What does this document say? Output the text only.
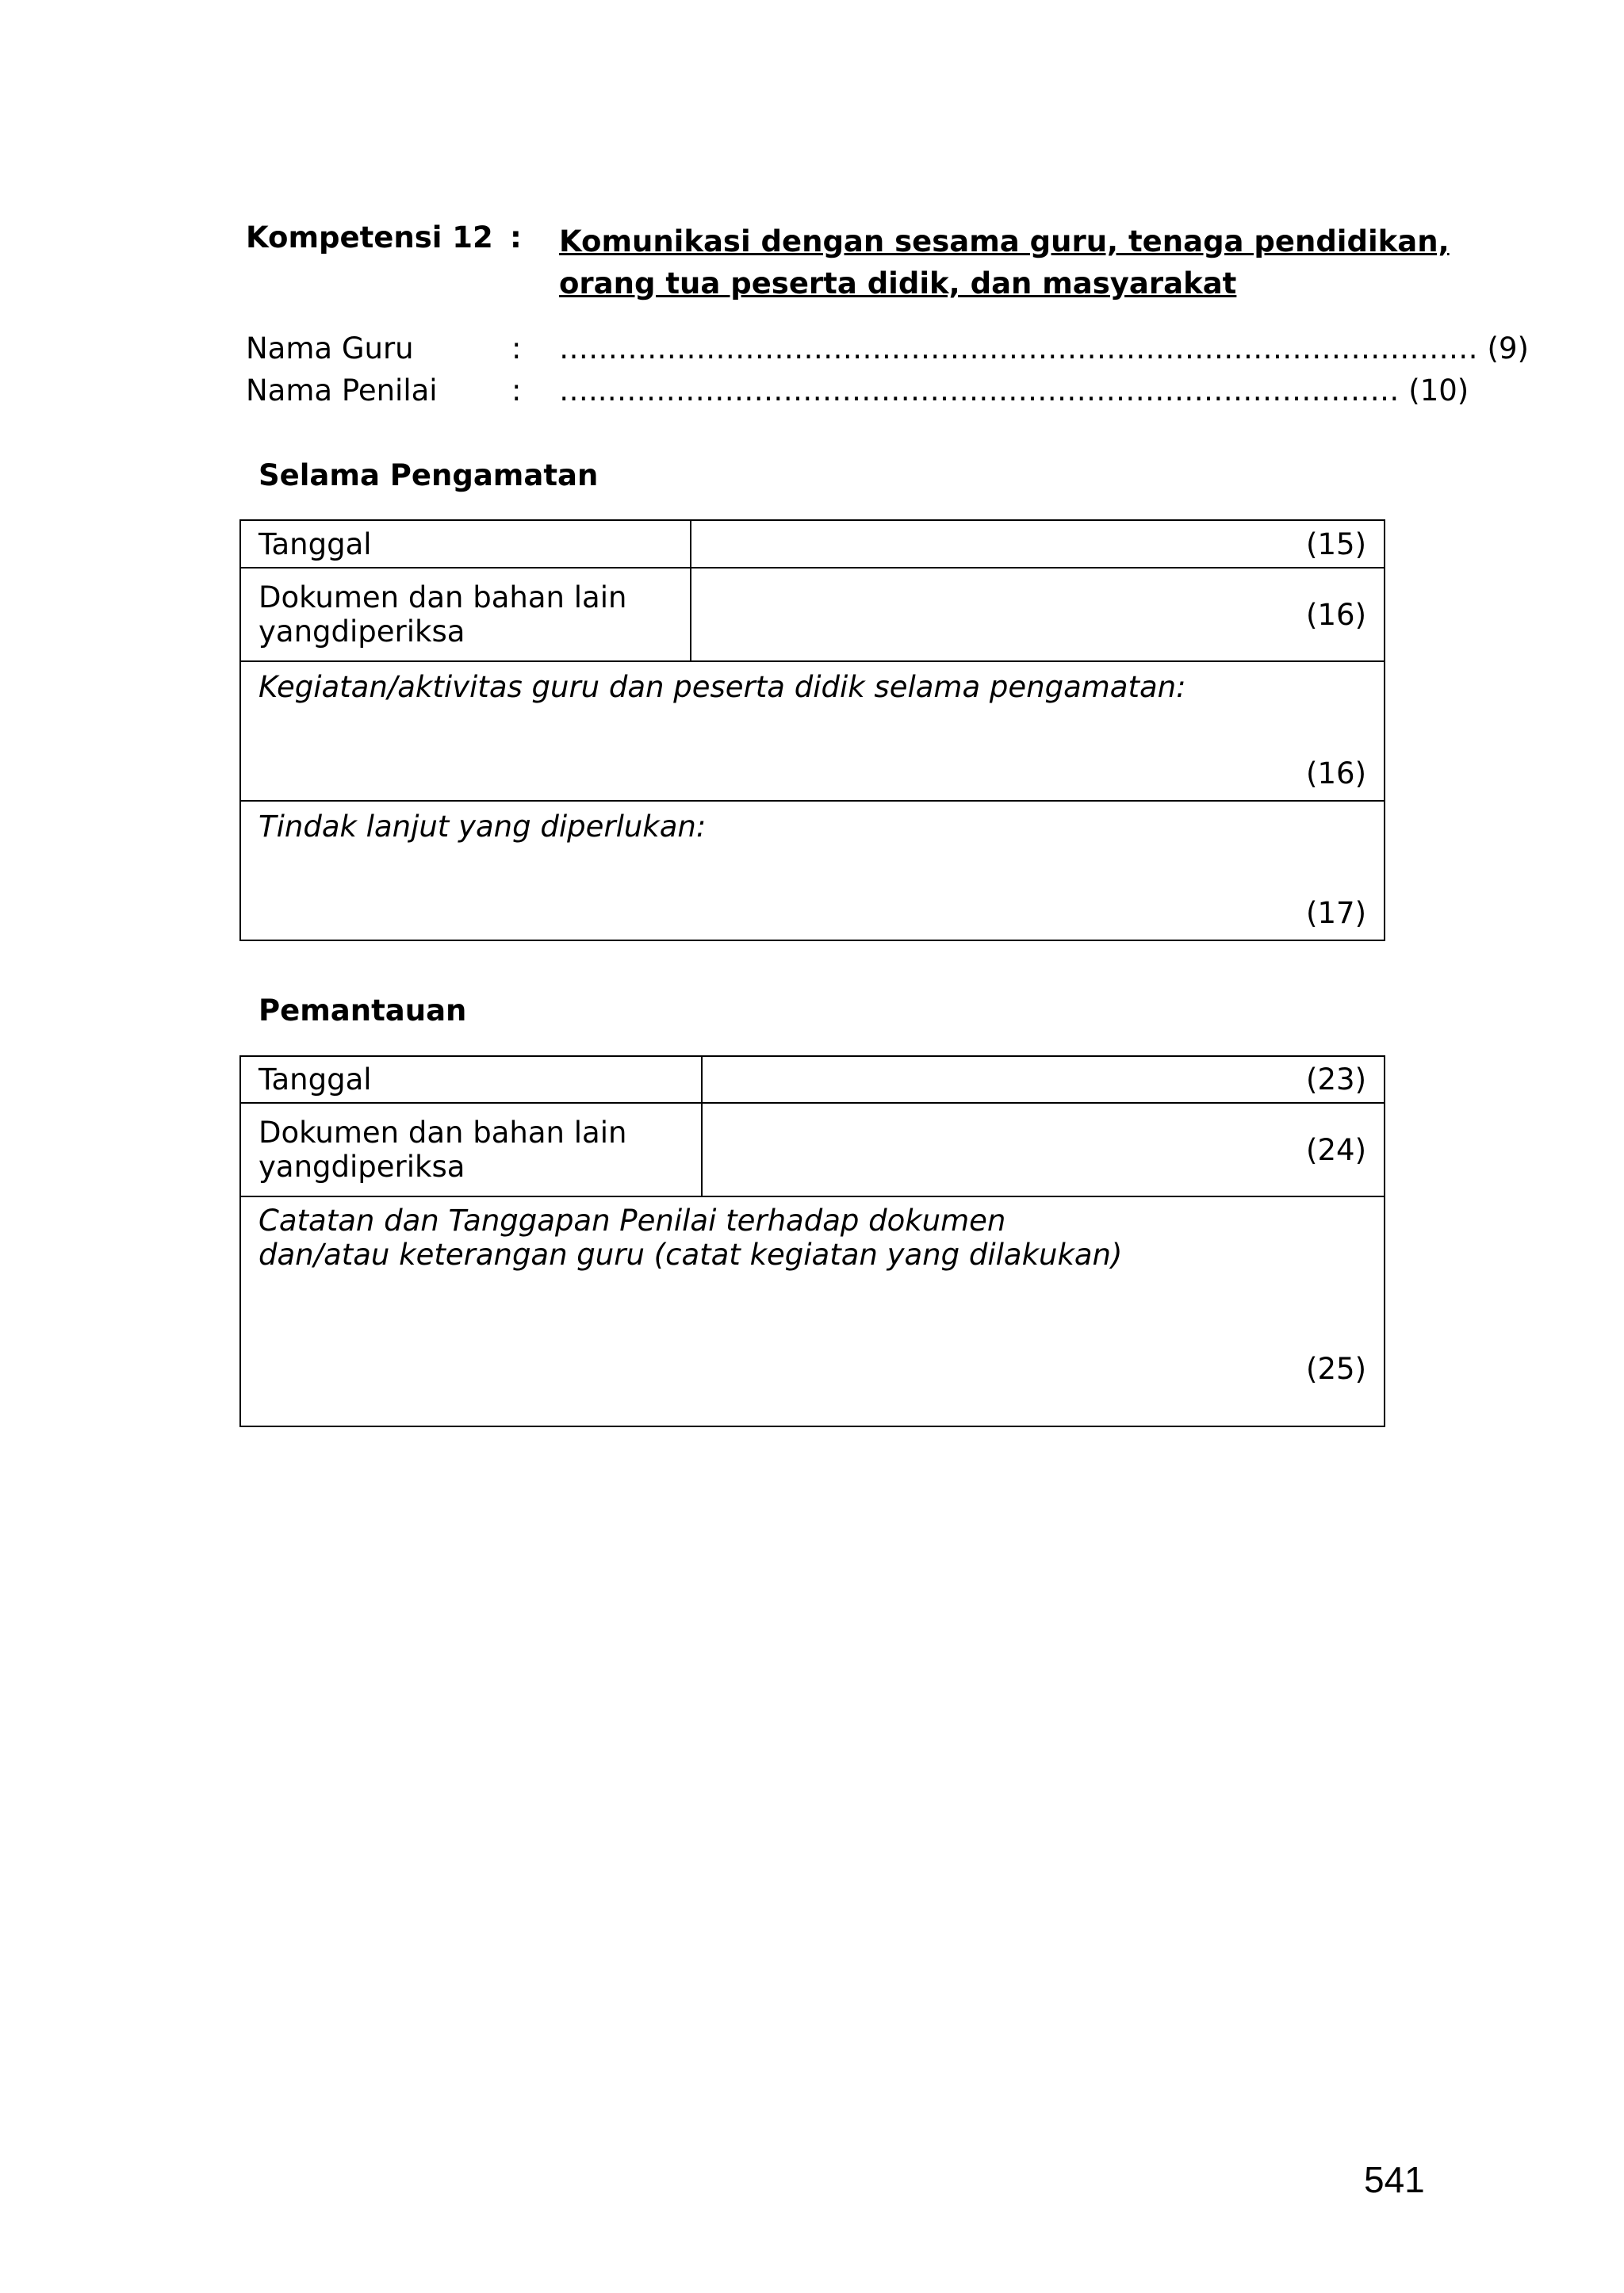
Kompetensi 12 : Komunikasi dengan sesama guru, tenaga pendidikan,
orang tua peserta didik, dan masyarakat
Nama Guru	: …………………………….…………………………………………………… (9)
Nama Penilai	: …..……………………………………………………………………… (10)
Selama Pengamatan
Tanggal	(15)

Dokumen dan bahan lain
yangdiperiksa	(16)

Kegiatan/aktivitas guru dan peserta didik selama pengamatan:
(16)	

Tindak lanjut yang diperlukan:
(17)	
Pemantauan
Tanggal	(23)

Dokumen dan bahan lain
yangdiperiksa	(24)

Catatan dan Tanggapan Penilai terhadap dokumen
dan/atau keterangan guru (catat kegiatan yang dilakukan)
(25)	
541
